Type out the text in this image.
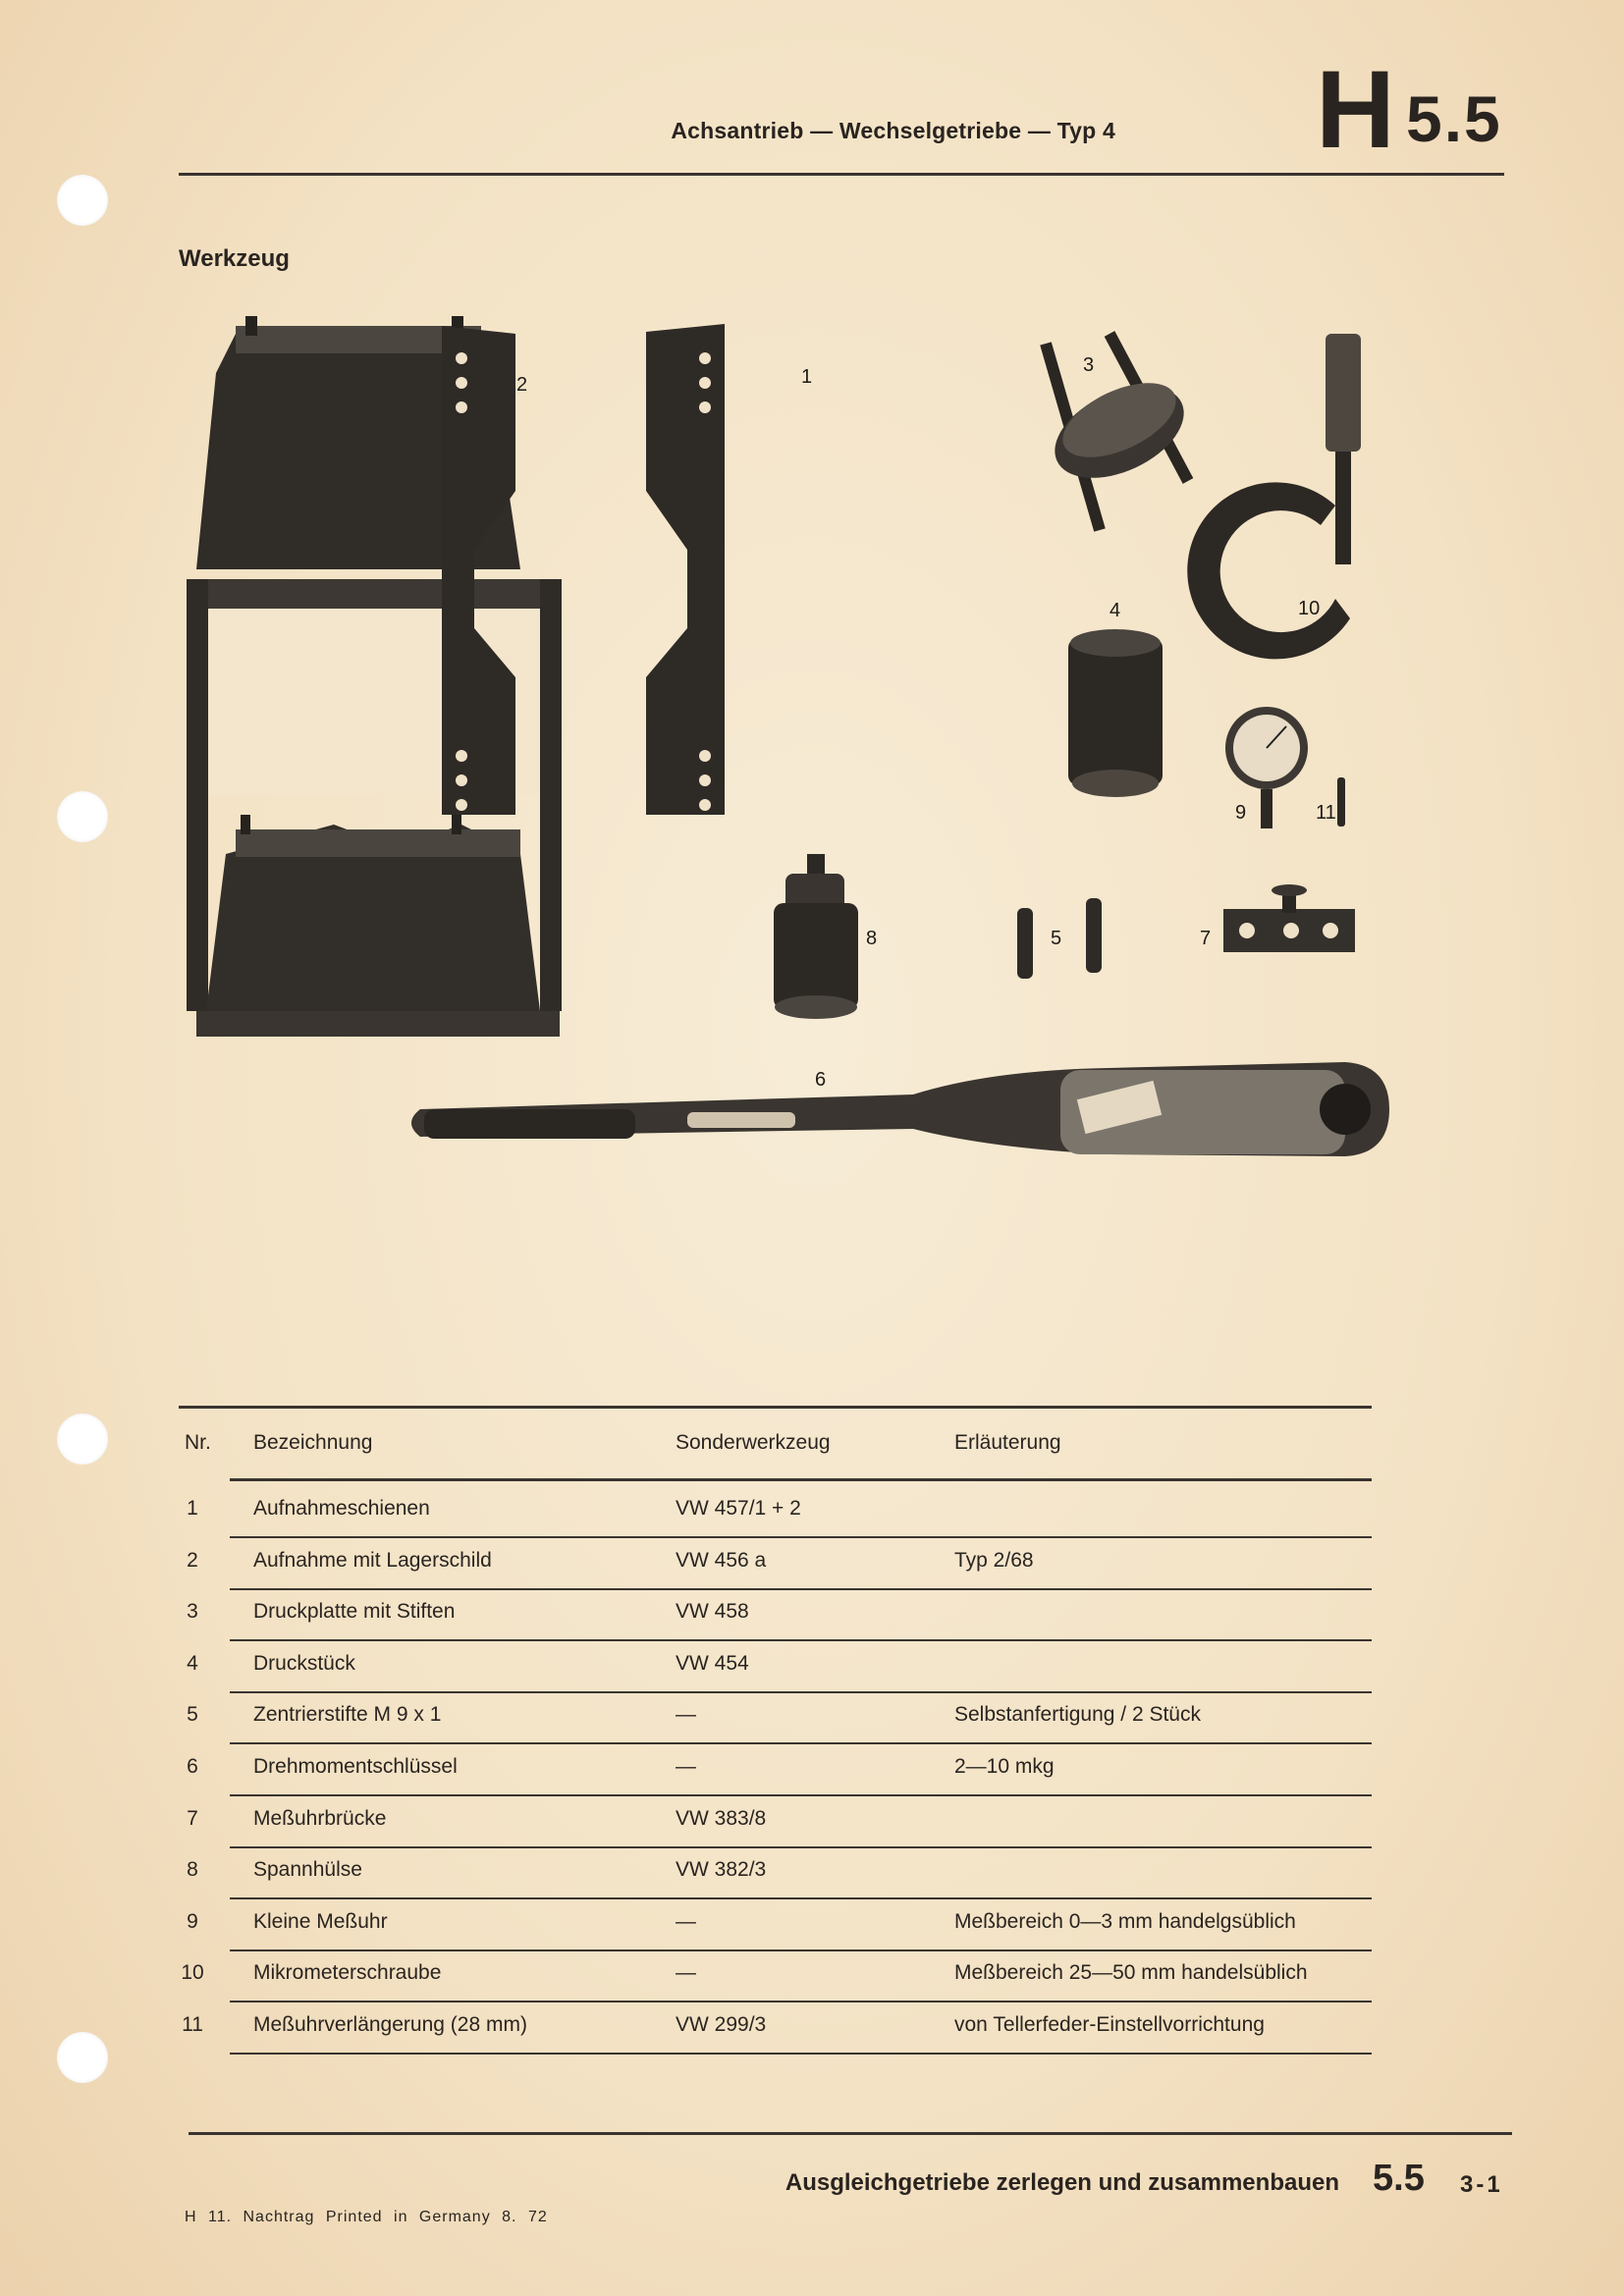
Achsantrieb — Wechselgetriebe — Typ 4 H 5.5
Werkzeug
1
2
3
4
5
6
7
8
9
10
11
Nr. Bezeichnung	Sonderwerkzeug	Erläuterung
1	Aufnahmeschienen	VW 457/1 + 2
2	Aufnahme mit Lagerschild	VW 456 a	Typ 2/68
3	Druckplatte mit Stiften	VW 458
4	Druckstück	VW 454
5	Zentrierstifte M 9 x 1	—	Selbstanfertigung / 2 Stück
6	Drehmomentschlüssel	—	2—10 mkg
7	Meßuhrbrücke	VW 383/8
8	Spannhülse	VW 382/3
9	Kleine Meßuhr	—	Meßbereich 0—3 mm handelgsüblich
10	Mikrometerschraube	—	Meßbereich 25—50 mm handelsüblich
11	Meßuhrverlängerung (28 mm)	VW 299/3	von Tellerfeder-Einstellvorrichtung
Ausgleichgetriebe zerlegen und zusammenbauen 5.5 3-1
H 11. Nachtrag Printed in Germany 8. 72
